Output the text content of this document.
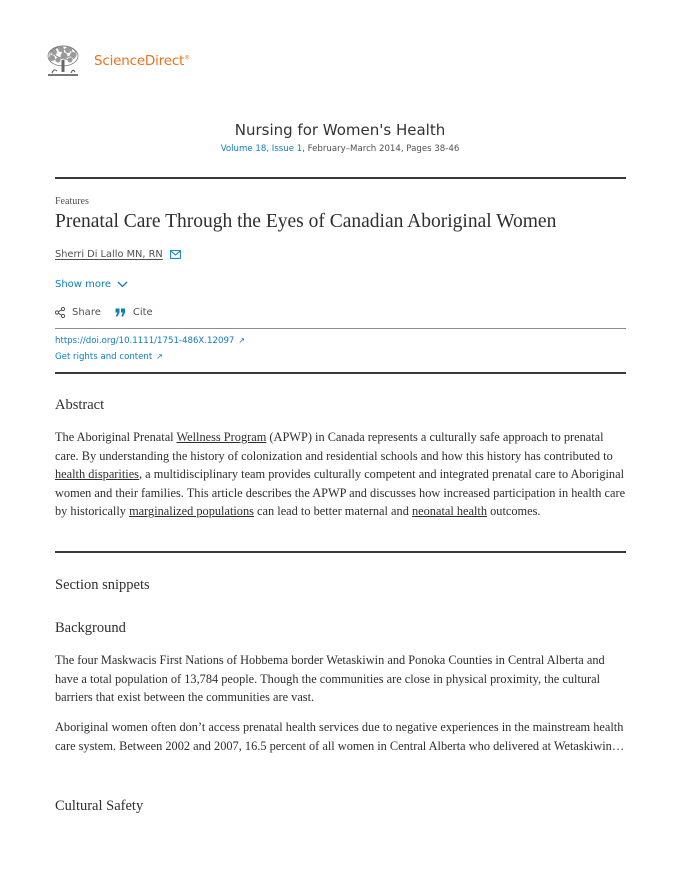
ScienceDirect®
Nursing for Women's Health
Volume 18, Issue 1, February–March 2014, Pages 38-46
Features
Prenatal Care Through the Eyes of Canadian Aboriginal Women
Sherri Di Lallo MN, RN
Show more
Share	Cite
https://doi.org/10.1111/1751-486X.12097 ↗
Get rights and content ↗
Abstract

The Aboriginal Prenatal Wellness Program (APWP) in Canada represents a culturally safe approach to prenatal care. By understanding the history of colonization and residential schools and how this history has contributed to health disparities, a multidisciplinary team provides culturally competent and integrated prenatal care to Aboriginal women and their families. This article describes the APWP and discusses how increased participation in health care by historically marginalized populations can lead to better maternal and neonatal health outcomes.

Section snippets
Background

The four Maskwacis First Nations of Hobbema border Wetaskiwin and Ponoka Counties in Central Alberta and have a total population of 13,784 people. Though the communities are close in physical proximity, the cultural barriers that exist between the communities are vast.

Aboriginal women often don’t access prenatal health services due to negative experiences in the mainstream health care system. Between 2002 and 2007, 16.5 percent of all women in Central Alberta who delivered at Wetaskiwin…

Cultural Safety
